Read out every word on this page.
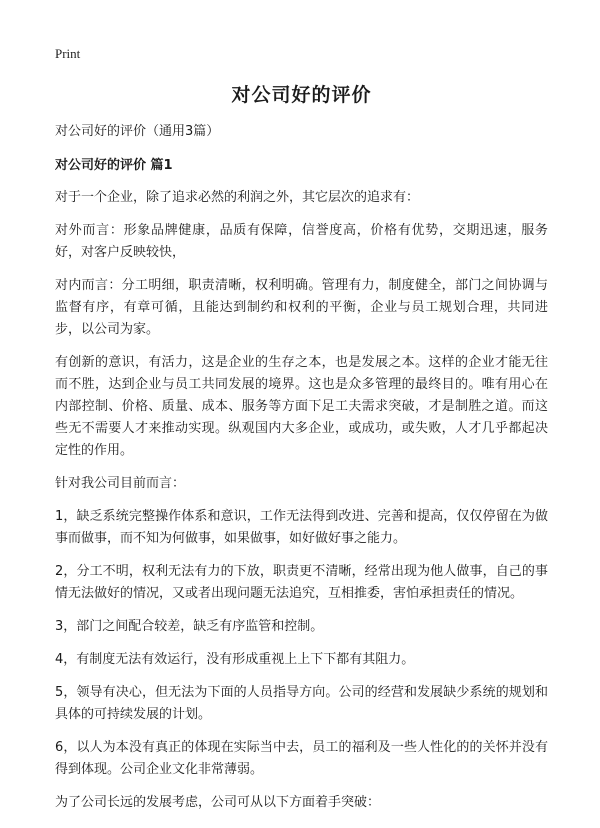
Print

对公司好的评价

对公司好的评价（通用3篇）

对公司好的评价 篇1

对于一个企业，除了追求必然的利润之外，其它层次的追求有：

对外而言：形象品牌健康，品质有保障，信誉度高，价格有优势，交期迅速，服务好，对客户反映较快，

对内而言：分工明细，职责清晰，权利明确。管理有力，制度健全，部门之间协调与监督有序，有章可循，且能达到制约和权利的平衡，企业与员工规划合理，共同进步，以公司为家。

有创新的意识，有活力，这是企业的生存之本，也是发展之本。这样的企业才能无往而不胜，达到企业与员工共同发展的境界。这也是众多管理的最终目的。唯有用心在内部控制、价格、质量、成本、服务等方面下足工夫需求突破，才是制胜之道。而这些无不需要人才来推动实现。纵观国内大多企业，或成功，或失败，人才几乎都起决定性的作用。

针对我公司目前而言：

1，缺乏系统完整操作体系和意识，工作无法得到改进、完善和提高，仅仅停留在为做事而做事，而不知为何做事，如果做事，如好做好事之能力。

2，分工不明，权利无法有力的下放，职责更不清晰，经常出现为他人做事，自己的事情无法做好的情况，又或者出现问题无法追究，互相推委，害怕承担责任的情况。

3，部门之间配合较差，缺乏有序监管和控制。

4，有制度无法有效运行，没有形成重视上上下下都有其阻力。

5，领导有决心，但无法为下面的人员指导方向。公司的经营和发展缺少系统的规划和具体的可持续发展的计划。

6，以人为本没有真正的体现在实际当中去，员工的福利及一些人性化的的关怀并没有得到体现。公司企业文化非常薄弱。

为了公司长远的发展考虑，公司可从以下方面着手突破：
